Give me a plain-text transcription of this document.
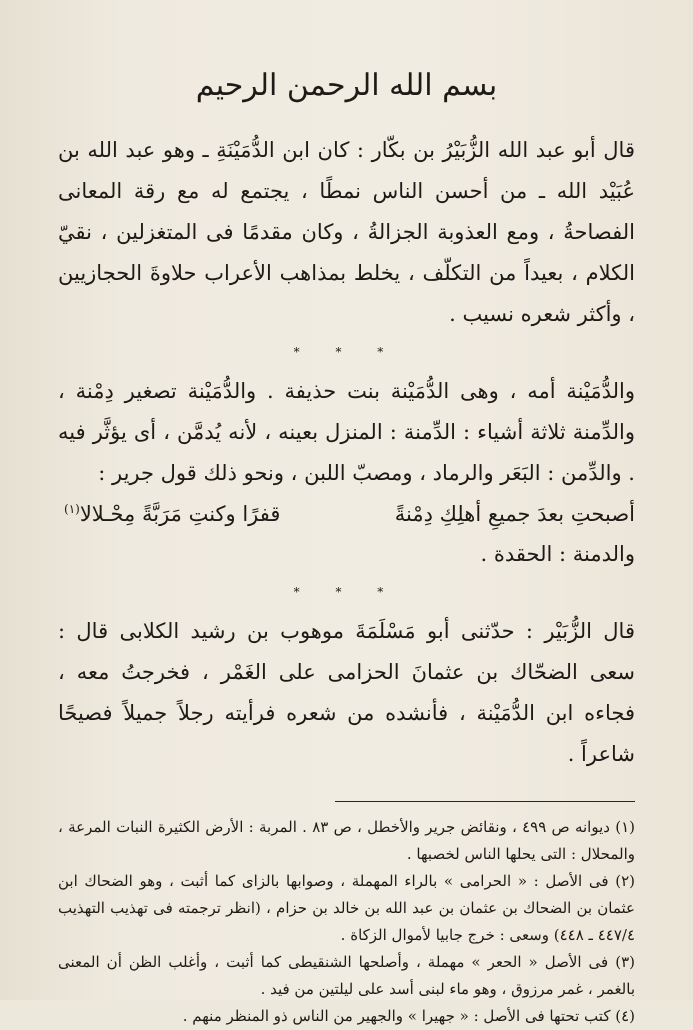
بسم الله الرحمن الرحيم

قال أبو عبد الله الزُّبَيْرُ بن بكّار : كان ابن الدُّمَيْنَةِ ـ وهو عبد الله بن عُبَيْد الله ـ من أحسن الناس نمطًا ، يجتمع له مع رقة المعانى الفصاحةُ ، ومع العذوبة الجزالةُ ، وكان مقدمًا فى المتغزلين ، نقيّ الكلام ، بعيداً من التكلّف ، يخلط بمذاهب الأعراب حلاوةَ الحجازيين ، وأكثر شعره نسيب .

* * *

والدُّمَيْنة أمه ، وهى الدُّمَيْنة بنت حذيفة . والدُّمَيْنة تصغير دِمْنة ، والدِّمنة ثلاثة أشياء : الدِّمنة : المنزل بعينه ، لأنه يُدمَّن ، أى يؤثَّر فيه . والدِّمن : البَعَر والرماد ، ومصبّ اللبن ، ونحو ذلك قول جرير :

أصبحتِ بعدَ جميعِ أهلِكِ دِمْنةً
قفرًا وكنتِ مَرَبَّةً مِحْـلالا$^{(١)}$

والدمنة : الحقدة .

* * *

قال الزُّبَيْر : حدّثنى أبو مَسْلَمَةَ موهوب بن رشيد الكلابى قال : سعى الضحّاك بن عثمانَ الحزامى على الغَمْر ، فخرجتُ معه ، فجاءه ابن الدُّمَيْنة ، فأنشده من شعره فرأيته رجلاً جميلاً فصيحًا شاعراً .

(١) ديوانه ص ٤٩٩ ، ونقائض جرير والأخطل ، ص ٨٣ . المربة : الأرض الكثيرة النبات المرعة ، والمحلال : التى يحلها الناس لخصبها .

(٢) فى الأصل : « الحرامى » بالراء المهملة ، وصوابها بالزاى كما أثبت ، وهو الضحاك ابن عثمان بن الضحاك بن عثمان بن عبد الله بن خالد بن حزام ، (انظر ترجمته فى تهذيب التهذيب ٤٤٧/٤ ـ ٤٤٨) وسعى : خرج جابيا لأموال الزكاة .

(٣) فى الأصل « الحعر » مهملة ، وأصلحها الشنقيطى كما أثبت ، وأغلب الظن أن المعنى بالغمر ، غمر مرزوق ، وهو ماء لبنى أسد على ليلتين من فيد .

(٤) كتب تحتها فى الأصل : « جهيرا » والجهير من الناس ذو المنظر منهم .
